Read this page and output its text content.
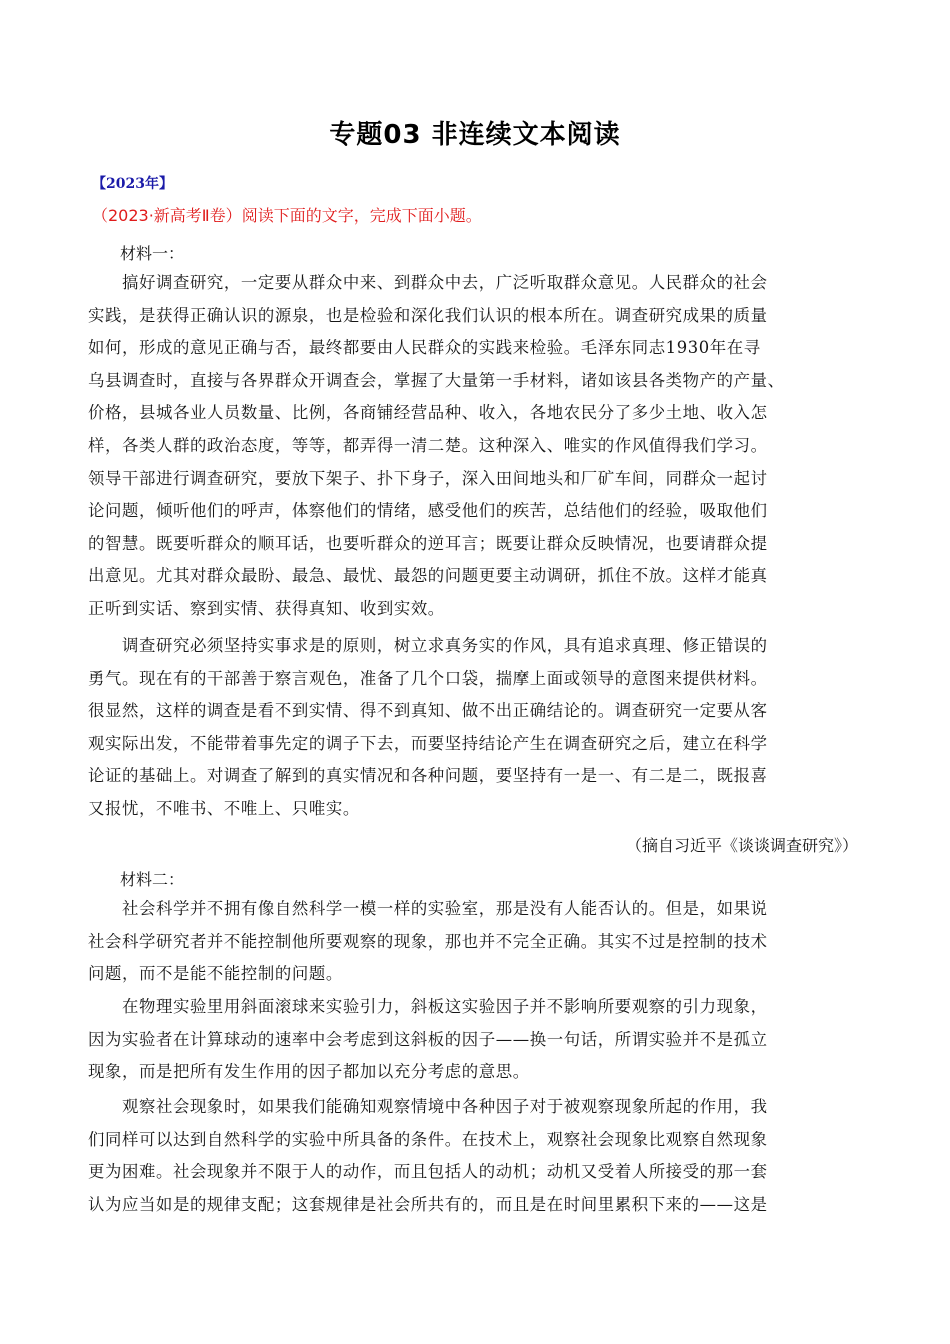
专题03 非连续文本阅读
【2023年】
（2023·新高考Ⅱ卷）阅读下面的文字，完成下面小题。
材料一：
　　搞好调查研究，一定要从群众中来、到群众中去，广泛听取群众意见。人民群众的社会
实践，是获得正确认识的源泉，也是检验和深化我们认识的根本所在。调查研究成果的质量
如何，形成的意见正确与否，最终都要由人民群众的实践来检验。毛泽东同志1930年在寻
乌县调查时，直接与各界群众开调查会，掌握了大量第一手材料，诸如该县各类物产的产量、
价格，县城各业人员数量、比例，各商铺经营品种、收入，各地农民分了多少土地、收入怎
样，各类人群的政治态度，等等，都弄得一清二楚。这种深入、唯实的作风值得我们学习。
领导干部进行调查研究，要放下架子、扑下身子，深入田间地头和厂矿车间，同群众一起讨
论问题，倾听他们的呼声，体察他们的情绪，感受他们的疾苦，总结他们的经验，吸取他们
的智慧。既要听群众的顺耳话，也要听群众的逆耳言；既要让群众反映情况，也要请群众提
出意见。尤其对群众最盼、最急、最忧、最怨的问题更要主动调研，抓住不放。这样才能真
正听到实话、察到实情、获得真知、收到实效。
　　调查研究必须坚持实事求是的原则，树立求真务实的作风，具有追求真理、修正错误的
勇气。现在有的干部善于察言观色，准备了几个口袋，揣摩上面或领导的意图来提供材料。
很显然，这样的调查是看不到实情、得不到真知、做不出正确结论的。调查研究一定要从客
观实际出发，不能带着事先定的调子下去，而要坚持结论产生在调查研究之后，建立在科学
论证的基础上。对调查了解到的真实情况和各种问题，要坚持有一是一、有二是二，既报喜
又报忧，不唯书、不唯上、只唯实。
（摘自习近平《谈谈调查研究》）
材料二：
　　社会科学并不拥有像自然科学一模一样的实验室，那是没有人能否认的。但是，如果说
社会科学研究者并不能控制他所要观察的现象，那也并不完全正确。其实不过是控制的技术
问题，而不是能不能控制的问题。
　　在物理实验里用斜面滚球来实验引力，斜板这实验因子并不影响所要观察的引力现象，
因为实验者在计算球动的速率中会考虑到这斜板的因子——换一句话，所谓实验并不是孤立
现象，而是把所有发生作用的因子都加以充分考虑的意思。
　　观察社会现象时，如果我们能确知观察情境中各种因子对于被观察现象所起的作用，我
们同样可以达到自然科学的实验中所具备的条件。在技术上，观察社会现象比观察自然现象
更为困难。社会现象并不限于人的动作，而且包括人的动机；动机又受着人所接受的那一套
认为应当如是的规律支配；这套规律是社会所共有的，而且是在时间里累积下来的——这是
